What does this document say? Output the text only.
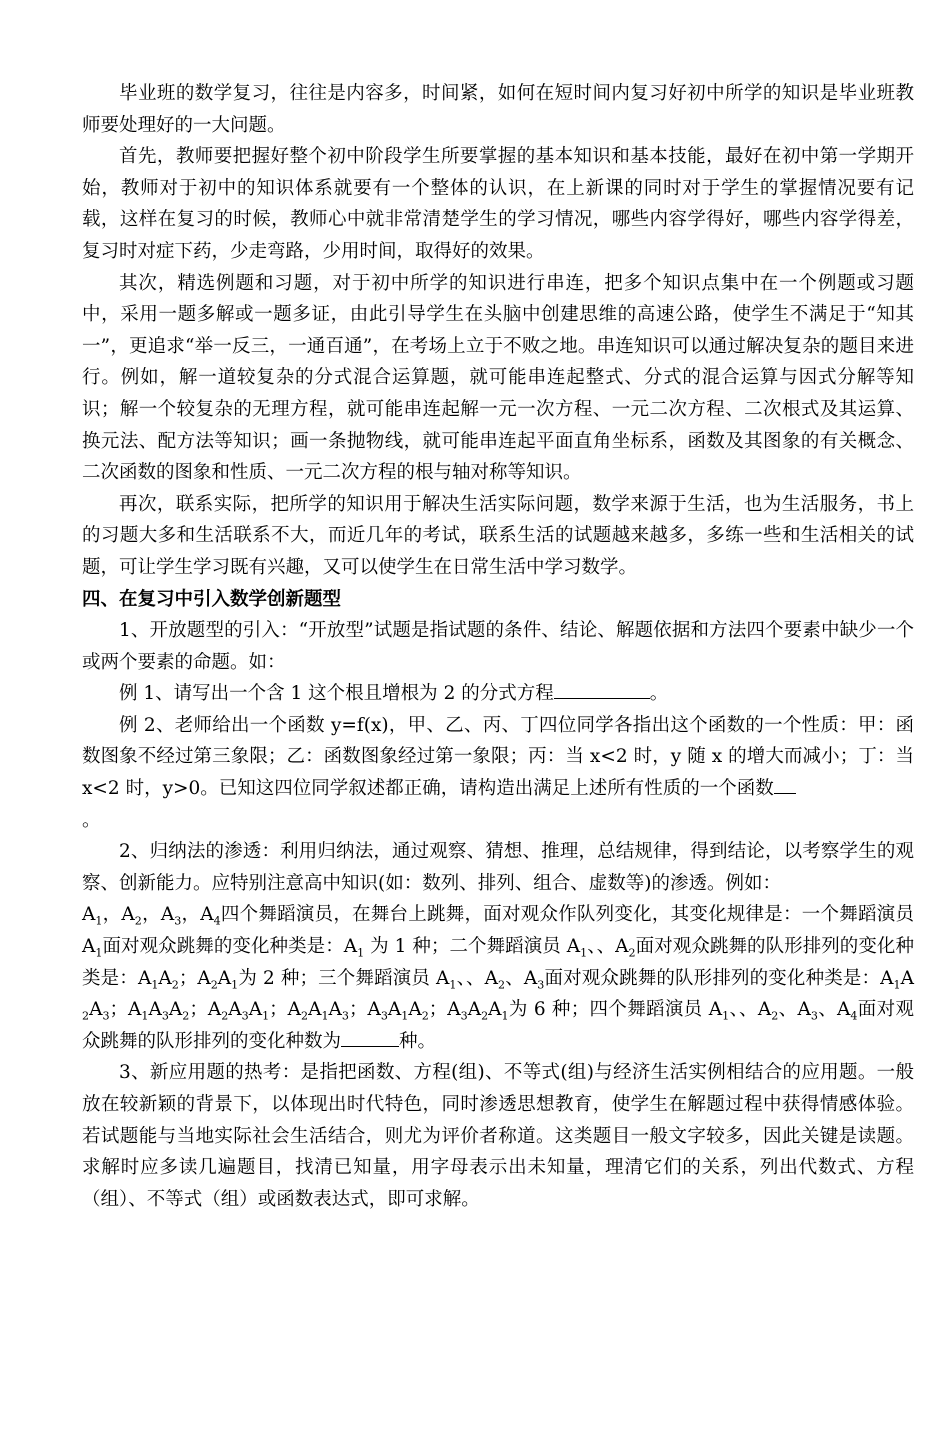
毕业班的数学复习，往往是内容多，时间紧，如何在短时间内复习好初中所学的知识是毕业班教师要处理好的一大问题。

首先，教师要把握好整个初中阶段学生所要掌握的基本知识和基本技能，最好在初中第一学期开始，教师对于初中的知识体系就要有一个整体的认识，在上新课的同时对于学生的掌握情况要有记载，这样在复习的时候，教师心中就非常清楚学生的学习情况，哪些内容学得好，哪些内容学得差，复习时对症下药，少走弯路，少用时间，取得好的效果。

其次，精选例题和习题，对于初中所学的知识进行串连，把多个知识点集中在一个例题或习题中，采用一题多解或一题多证，由此引导学生在头脑中创建思维的高速公路，使学生不满足于“知其一”，更追求“举一反三，一通百通”，在考场上立于不败之地。串连知识可以通过解决复杂的题目来进行。例如，解一道较复杂的分式混合运算题，就可能串连起整式、分式的混合运算与因式分解等知识；解一个较复杂的无理方程，就可能串连起解一元一次方程、一元二次方程、二次根式及其运算、换元法、配方法等知识；画一条抛物线，就可能串连起平面直角坐标系，函数及其图象的有关概念、二次函数的图象和性质、一元二次方程的根与轴对称等知识。

再次，联系实际，把所学的知识用于解决生活实际问题，数学来源于生活，也为生活服务，书上的习题大多和生活联系不大，而近几年的考试，联系生活的试题越来越多，多练一些和生活相关的试题，可让学生学习既有兴趣，又可以使学生在日常生活中学习数学。

四、在复习中引入数学创新题型

1、开放题型的引入：“开放型”试题是指试题的条件、结论、解题依据和方法四个要素中缺少一个或两个要素的命题。如：

例 1、请写出一个含 1 这个根且增根为 2 的分式方程	。

例 2、老师给出一个函数 y=f(x)，甲、乙、丙、丁四位同学各指出这个函数的一个性质：甲：函数图象不经过第三象限；乙：函数图象经过第一象限；丙：当 x<2 时，y 随 x 的增大而减小；丁：当 x<2 时，y>0。已知这四位同学叙述都正确，请构造出满足上述所有性质的一个函数
。

2、归纳法的渗透：利用归纳法，通过观察、猜想、推理，总结规律，得到结论，以考察学生的观察、创新能力。应特别注意高中知识(如：数列、排列、组合、虚数等)的渗透。例如：
$A_1$，$A_2$，$A_3$，$A_4$四个舞蹈演员，在舞台上跳舞，面对观众作队列变化，其变化规律是：一个舞蹈演员 $A_1$面对观众跳舞的变化种类是：$A_1$ 为 1 种；二个舞蹈演员 $A_1$、、$A_2$面对观众跳舞的队形排列的变化种类是：$A_1A_2$；$A_2A_1$为 2 种；三个舞蹈演员 $A_1$、、$A_2$、$A_3$面对观众跳舞的队形排列的变化种类是：$A_1A_2A_3$；$A_1A_3A_2$；$A_2A_3A_1$；$A_2A_1A_3$；$A_3A_1A_2$；$A_3A_2A_1$为 6 种；四个舞蹈演员 $A_1$、、$A_2$、$A_3$、$A_4$面对观众跳舞的队形排列的变化种数为	种。

3、新应用题的热考：是指把函数、方程(组)、不等式(组)与经济生活实例相结合的应用题。一般放在较新颖的背景下，以体现出时代特色，同时渗透思想教育，使学生在解题过程中获得情感体验。若试题能与当地实际社会生活结合，则尤为评价者称道。这类题目一般文字较多，因此关键是读题。求解时应多读几遍题目，找清已知量，用字母表示出未知量，理清它们的关系，列出代数式、方程（组）、不等式（组）或函数表达式，即可求解。
